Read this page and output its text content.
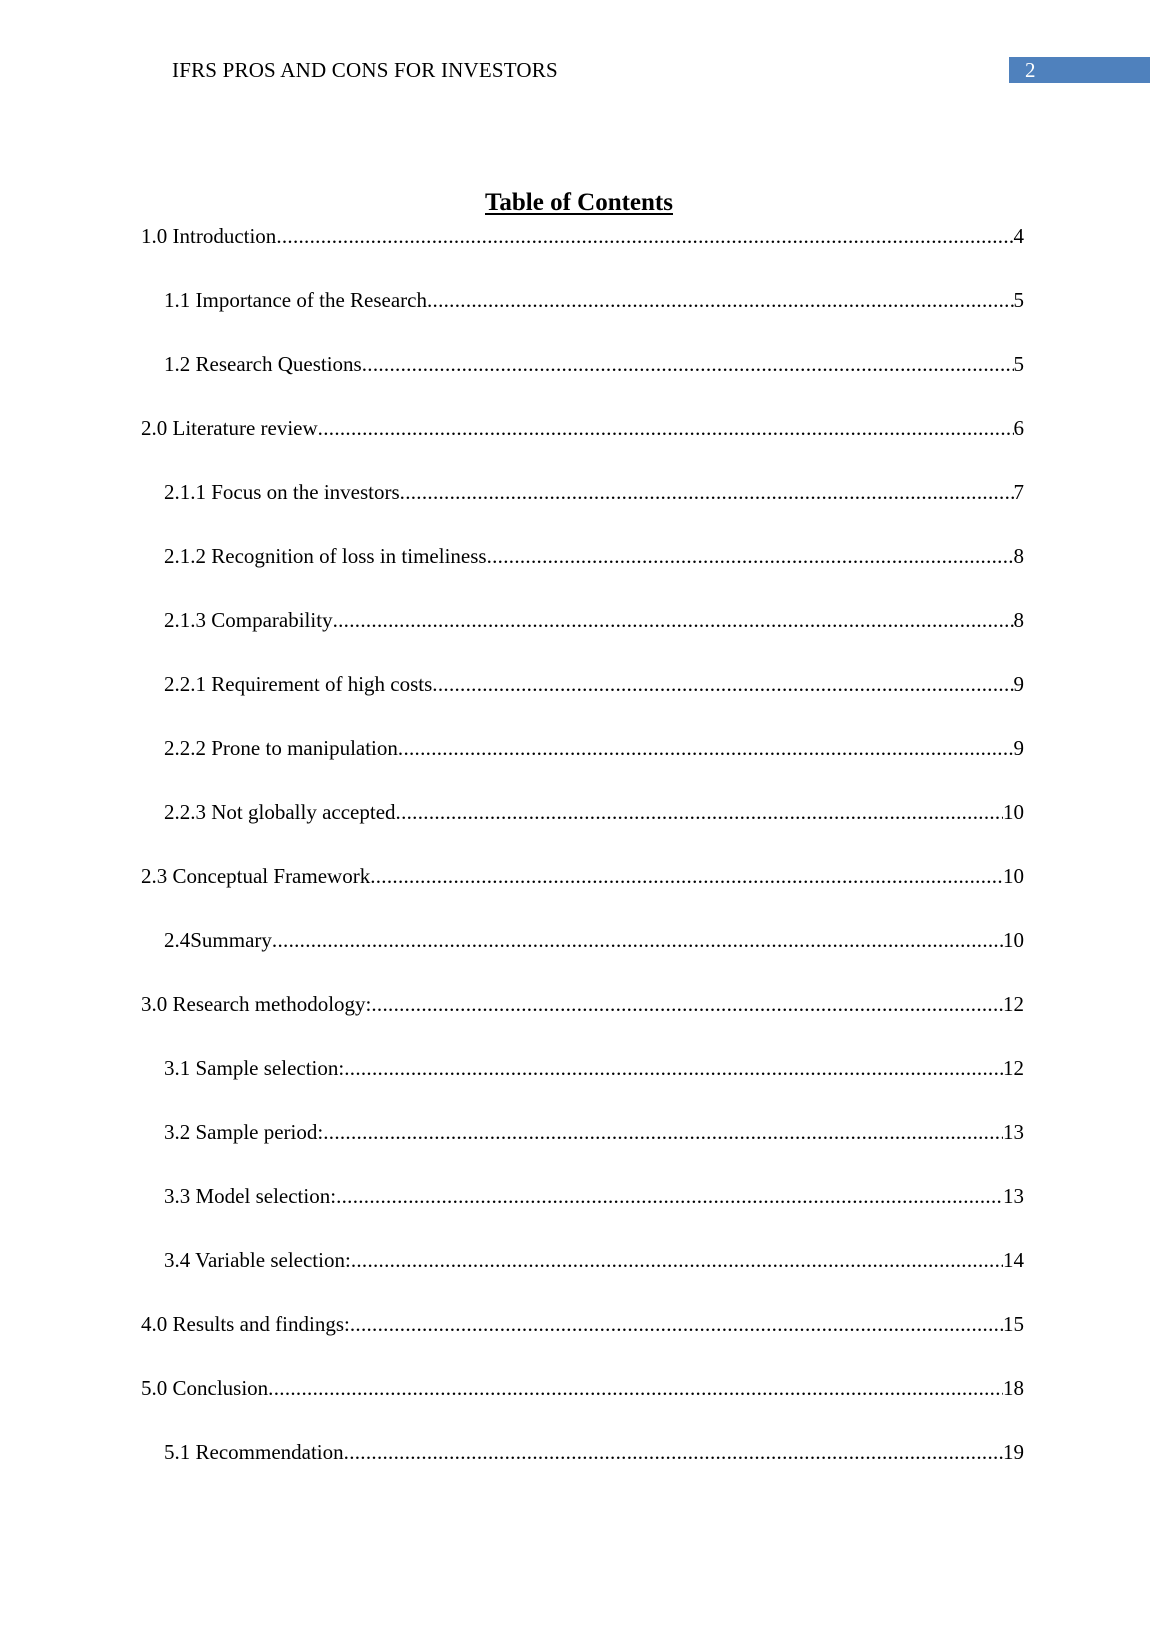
IFRS PROS AND CONS FOR INVESTORS	2
Table of Contents
1.0 Introduction .....	4
1.1 Importance of the Research .....	5
1.2 Research Questions .....	5
2.0 Literature review .....	6
2.1.1 Focus on the investors .....	7
2.1.2 Recognition of loss in timeliness .....	8
2.1.3 Comparability .....	8
2.2.1 Requirement of high costs .....	9
2.2.2 Prone to manipulation .....	9
2.2.3 Not globally accepted .....	10
2.3 Conceptual Framework .....	10
2.4Summary .....	10
3.0 Research methodology: .....	12
3.1 Sample selection: .....	12
3.2 Sample period: .....	13
3.3 Model selection: .....	13
3.4 Variable selection: .....	14
4.0 Results and findings: .....	15
5.0 Conclusion .....	18
5.1 Recommendation .....	19
